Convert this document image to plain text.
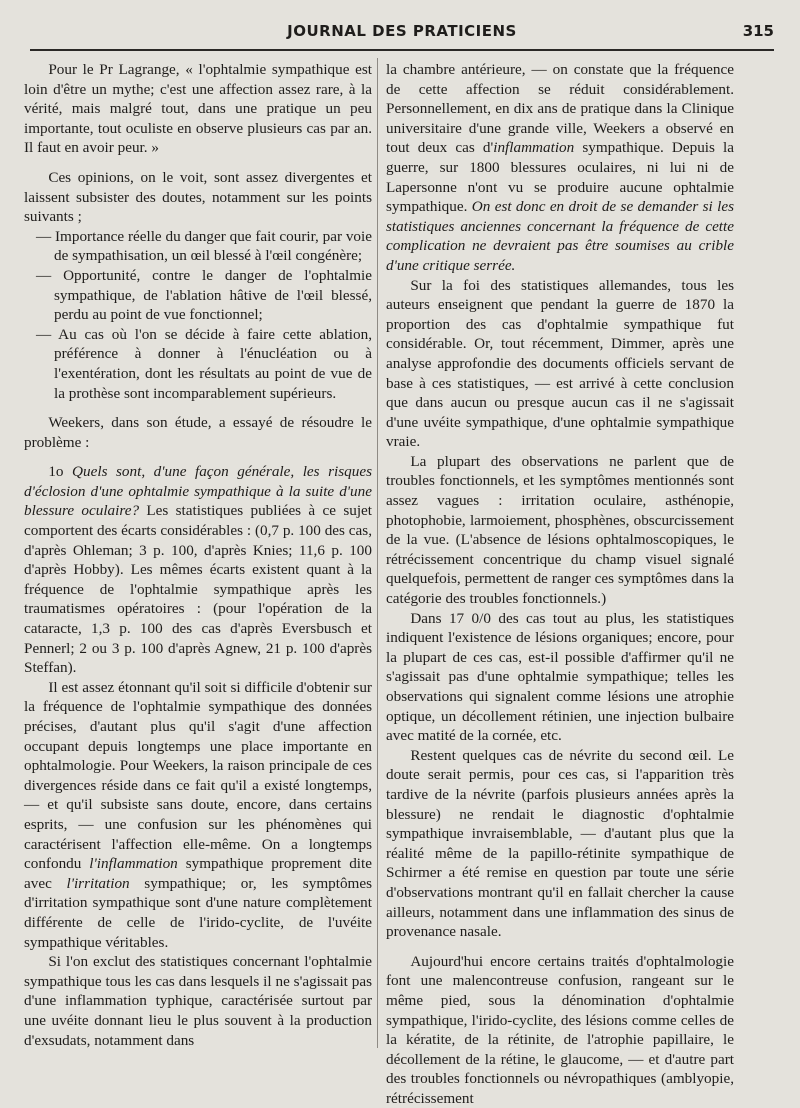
JOURNAL DES PRATICIENS	315

Pour le Pr Lagrange, « l'ophtalmie sympathique est loin d'être un mythe; c'est une affection assez rare, à la vérité, mais malgré tout, dans une pratique un peu importante, tout oculiste en observe plusieurs cas par an. Il faut en avoir peur. »

Ces opinions, on le voit, sont assez divergentes et laissent subsister des doutes, notamment sur les points suivants ;

— Importance réelle du danger que fait courir, par voie de sympathisation, un œil blessé à l'œil congénère;
— Opportunité, contre le danger de l'ophtalmie sympathique, de l'ablation hâtive de l'œil blessé, perdu au point de vue fonctionnel;
— Au cas où l'on se décide à faire cette ablation, préférence à donner à l'énucléation ou à l'exentération, dont les résultats au point de vue de la prothèse sont incomparablement supérieurs.

Weekers, dans son étude, a essayé de résoudre le problème :

1o Quels sont, d'une façon générale, les risques d'éclosion d'une ophtalmie sympathique à la suite d'une blessure oculaire? Les statistiques publiées à ce sujet comportent des écarts considérables : (0,7 p. 100 des cas, d'après Ohleman; 3 p. 100, d'après Knies; 11,6 p. 100 d'après Hobby). Les mêmes écarts existent quant à la fréquence de l'ophtalmie sympathique après les traumatismes opératoires : (pour l'opération de la cataracte, 1,3 p. 100 des cas d'après Eversbusch et Pennerl; 2 ou 3 p. 100 d'après Agnew, 21 p. 100 d'après Steffan).

Il est assez étonnant qu'il soit si difficile d'obtenir sur la fréquence de l'ophtalmie sympathique des données précises, d'autant plus qu'il s'agit d'une affection occupant depuis longtemps une place importante en ophtalmologie. Pour Weekers, la raison principale de ces divergences réside dans ce fait qu'il a existé longtemps, — et qu'il subsiste sans doute, encore, dans certains esprits, — une confusion sur les phénomènes qui caractérisent l'affection elle-même. On a longtemps confondu l'inflammation sympathique proprement dite avec l'irritation sympathique; or, les symptômes d'irritation sympathique sont d'une nature complètement différente de celle de l'irido-cyclite, de l'uvéite sympathique véritables.

Si l'on exclut des statistiques concernant l'ophtalmie sympathique tous les cas dans lesquels il ne s'agissait pas d'une inflammation typhique, caractérisée surtout par une uvéite donnant lieu le plus souvent à la production d'exsudats, notamment dans

la chambre antérieure, — on constate que la fréquence de cette affection se réduit considérablement. Personnellement, en dix ans de pratique dans la Clinique universitaire d'une grande ville, Weekers a observé en tout deux cas d'inflammation sympathique. Depuis la guerre, sur 1800 blessures oculaires, ni lui ni de Lapersonne n'ont vu se produire aucune ophtalmie sympathique. On est donc en droit de se demander si les statistiques anciennes concernant la fréquence de cette complication ne devraient pas être soumises au crible d'une critique serrée.

Sur la foi des statistiques allemandes, tous les auteurs enseignent que pendant la guerre de 1870 la proportion des cas d'ophtalmie sympathique fut considérable. Or, tout récemment, Dimmer, après une analyse approfondie des documents officiels servant de base à ces statistiques, — est arrivé à cette conclusion que dans aucun ou presque aucun cas il ne s'agissait d'une uvéite sympathique, d'une ophtalmie sympathique vraie.

La plupart des observations ne parlent que de troubles fonctionnels, et les symptômes mentionnés sont assez vagues : irritation oculaire, asthénopie, photophobie, larmoiement, phosphènes, obscurcissement de la vue. (L'absence de lésions ophtalmoscopiques, le rétrécissement concentrique du champ visuel signalé quelquefois, permettent de ranger ces symptômes dans la catégorie des troubles fonctionnels.)

Dans 17 0/0 des cas tout au plus, les statistiques indiquent l'existence de lésions organiques; encore, pour la plupart de ces cas, est-il possible d'affirmer qu'il ne s'agissait pas d'une ophtalmie sympathique; telles les observations qui signalent comme lésions une atrophie optique, un décollement rétinien, une injection bulbaire avec matité de la cornée, etc.

Restent quelques cas de névrite du second œil. Le doute serait permis, pour ces cas, si l'apparition très tardive de la névrite (parfois plusieurs années après la blessure) ne rendait le diagnostic d'ophtalmie sympathique invraisemblable, — d'autant plus que la réalité même de la papillo-rétinite sympathique de Schirmer a été remise en question par toute une série d'observations montrant qu'il en fallait chercher la cause ailleurs, notamment dans une inflammation des sinus de provenance nasale.

Aujourd'hui encore certains traités d'ophtalmologie font une malencontreuse confusion, rangeant sur le même pied, sous la dénomination d'ophtalmie sympathique, l'irido-cyclite, des lésions comme celles de la kératite, de la rétinite, de l'atrophie papillaire, le décollement de la rétine, le glaucome, — et d'autre part des troubles fonctionnels ou névropathiques (amblyopie, rétrécissement
